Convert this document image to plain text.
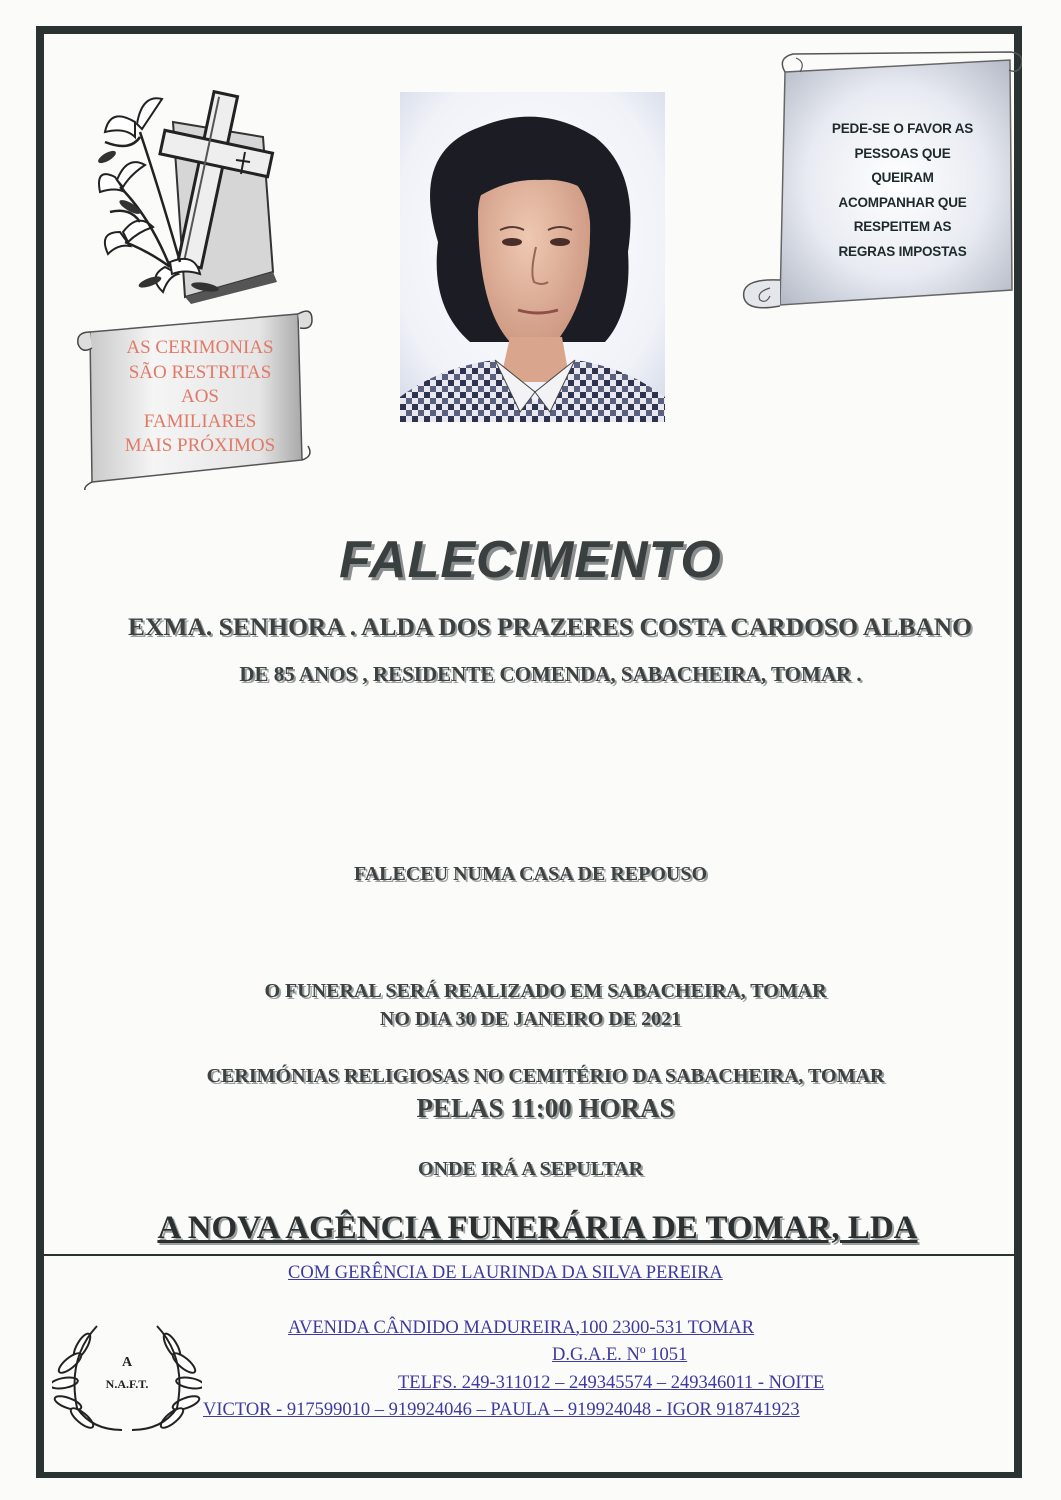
AS CERIMONIAS
SÃO RESTRITAS
AOS
FAMILIARES
MAIS PRÓXIMOS
PEDE-SE O FAVOR AS
PESSOAS QUE
QUEIRAM
ACOMPANHAR QUE
RESPEITEM AS
REGRAS IMPOSTAS
FALECIMENTO
EXMA. SENHORA . ALDA DOS PRAZERES COSTA CARDOSO ALBANO
DE 85 ANOS , RESIDENTE COMENDA, SABACHEIRA, TOMAR .
FALECEU NUMA CASA DE REPOUSO
O FUNERAL SERÁ REALIZADO EM SABACHEIRA, TOMAR
NO DIA 30 DE JANEIRO DE 2021
CERIMÓNIAS RELIGIOSAS NO CEMITÉRIO DA SABACHEIRA, TOMAR
PELAS 11:00 HORAS
ONDE IRÁ A SEPULTAR
A NOVA AGÊNCIA FUNERÁRIA DE TOMAR, LDA
COM GERÊNCIA DE LAURINDA DA SILVA PEREIRA
AVENIDA CÂNDIDO MADUREIRA,100 2300-531 TOMAR
D.G.A.E. Nº 1051
TELFS. 249-311012 – 249345574 – 249346011 - NOITE
VICTOR - 917599010 – 919924046 – PAULA – 919924048 - IGOR 918741923
A
N.A.F.T.
